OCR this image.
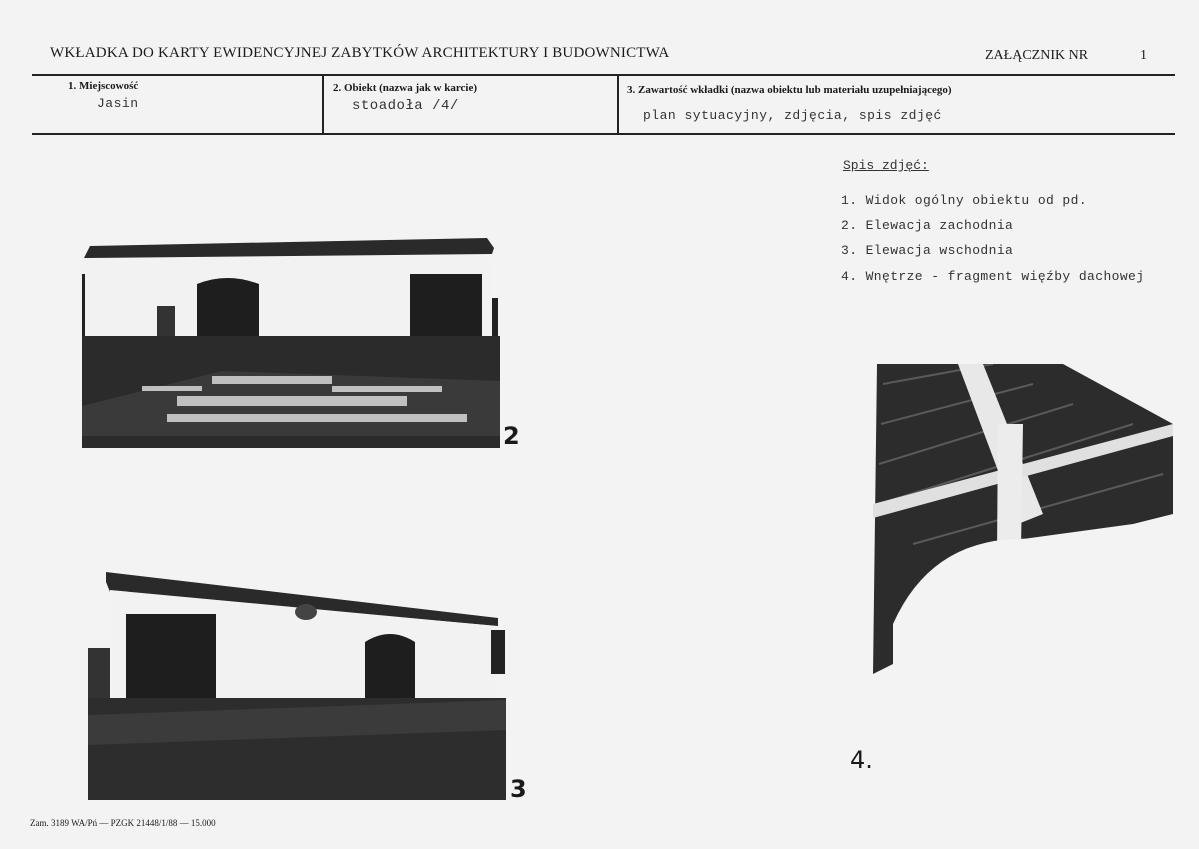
WKŁADKA DO KARTY EWIDENCYJNEJ ZABYTKÓW ARCHITEKTURY I BUDOWNICTWA	ZAŁĄCZNIK NR	1
1. Miejscowość
Jasin
2. Obiekt (nazwa jak w karcie)
stoadoła /4/
3. Zawartość wkładki (nazwa obiektu lub materiału uzupełniającego)
plan sytuacyjny, zdjęcia, spis zdjęć
Spis zdjęć:
1. Widok ogólny obiektu od pd.
2. Elewacja zachodnia
3. Elewacja wschodnia
4. Wnętrze - fragment więźby dachowej
2
3
4.
Zam. 3189 WA/Pń — PZGK 21448/1/88 — 15.000
